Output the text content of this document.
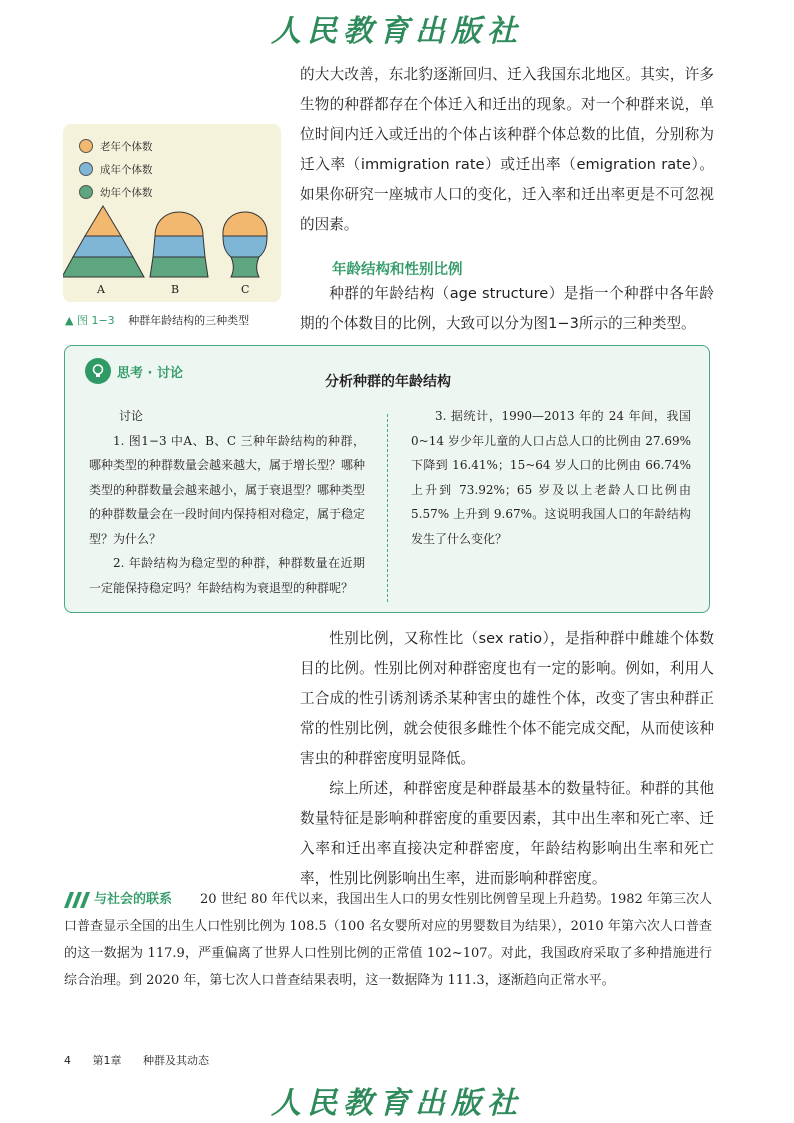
人民教育出版社

的大大改善，东北豹逐渐回归、迁入我国东北地区。其实，许多生物的种群都存在个体迁入和迁出的现象。对一个种群来说，单位时间内迁入或迁出的个体占该种群个体总数的比值，分别称为迁入率（immigration rate）或迁出率（emigration rate）。如果你研究一座城市人口的变化，迁入率和迁出率更是不可忽视的因素。

老年个体数
成年个体数
幼年个体数
A	B	C
▲ 图 1−3 种群年龄结构的三种类型
年龄结构和性别比例

种群的年龄结构（age structure）是指一个种群中各年龄期的个体数目的比例，大致可以分为图1−3所示的三种类型。

思考 · 讨论
分析种群的年龄结构

讨论

1. 图1−3 中A、B、C 三种年龄结构的种群，哪种类型的种群数量会越来越大，属于增长型？哪种类型的种群数量会越来越小，属于衰退型？哪种类型的种群数量会在一段时间内保持相对稳定，属于稳定型？为什么？

2. 年龄结构为稳定型的种群，种群数量在近期一定能保持稳定吗？年龄结构为衰退型的种群呢？

3. 据统计，1990—2013 年的 24 年间，我国 0~14 岁少年儿童的人口占总人口的比例由 27.69% 下降到 16.41%；15~64 岁人口的比例由 66.74% 上升到 73.92%；65 岁及以上老龄人口比例由 5.57% 上升到 9.67%。这说明我国人口的年龄结构发生了什么变化？

性别比例，又称性比（sex ratio），是指种群中雌雄个体数目的比例。性别比例对种群密度也有一定的影响。例如，利用人工合成的性引诱剂诱杀某种害虫的雄性个体，改变了害虫种群正常的性别比例，就会使很多雌性个体不能完成交配，从而使该种害虫的种群密度明显降低。

综上所述，种群密度是种群最基本的数量特征。种群的其他数量特征是影响种群密度的重要因素，其中出生率和死亡率、迁入率和迁出率直接决定种群密度，年龄结构影响出生率和死亡率，性别比例影响出生率，进而影响种群密度。

与社会的联系 20 世纪 80 年代以来，我国出生人口的男女性别比例曾呈现上升趋势。1982 年第三次人口普查显示全国的出生人口性别比例为 108.5（100 名女婴所对应的男婴数目为结果），2010 年第六次人口普查的这一数据为 117.9，严重偏离了世界人口性别比例的正常值 102~107。对此，我国政府采取了多种措施进行综合治理。到 2020 年，第七次人口普查结果表明，这一数据降为 111.3，逐渐趋向正常水平。

4 第1章 种群及其动态
人民教育出版社
